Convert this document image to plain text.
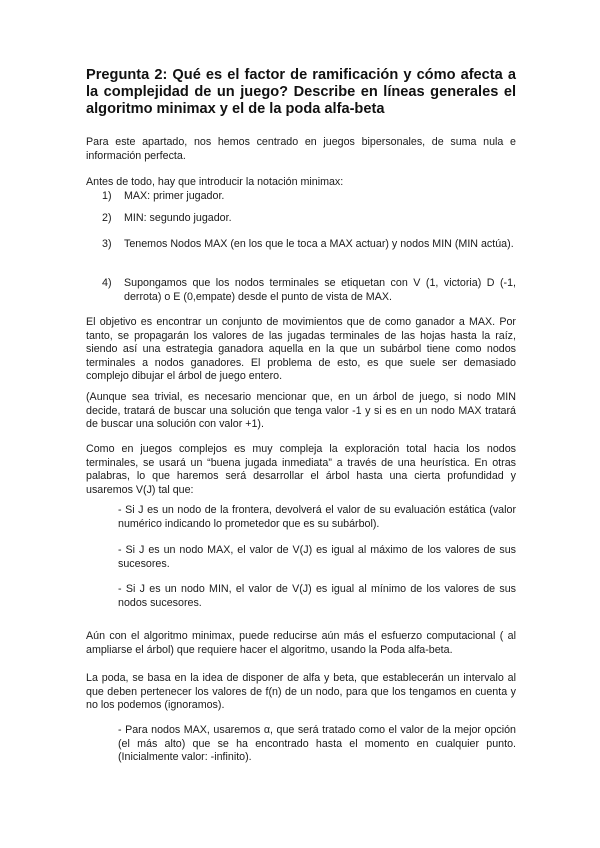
Pregunta 2: Qué es el factor de ramificación y cómo afecta a la complejidad de un juego? Describe en líneas generales el algoritmo minimax y el de la poda alfa-beta

Para este apartado, nos hemos centrado en juegos bipersonales, de suma nula e información perfecta.

Antes de todo, hay que introducir la notación minimax:

1)	MAX: primer jugador.
2)	MIN: segundo jugador.
3)	Tenemos Nodos MAX (en los que le toca a MAX actuar) y nodos MIN (MIN actúa).
4)	Supongamos que los nodos terminales se etiquetan con V (1, victoria) D (-1, derrota) o E (0,empate) desde el punto de vista de MAX.

El objetivo es encontrar un conjunto de movimientos que de como ganador a MAX. Por tanto, se propagarán los valores de las jugadas terminales de las hojas hasta la raíz, siendo así una estrategia ganadora aquella en la que un subárbol tiene como nodos terminales a nodos ganadores. El problema de esto, es que suele ser demasiado complejo dibujar el árbol de juego entero.

(Aunque sea trivial, es necesario mencionar que, en un árbol de juego, si nodo MIN decide, tratará de buscar una solución que tenga valor -1 y si es en un nodo MAX tratará de buscar una solución con valor +1).

Como en juegos complejos es muy compleja la exploración total hacia los nodos terminales, se usará un “buena jugada inmediata” a través de una heurística. En otras palabras, lo que haremos será desarrollar el árbol hasta una cierta profundidad y usaremos V(J) tal que:

- Si J es un nodo de la frontera, devolverá el valor de su evaluación estática (valor numérico indicando lo prometedor que es su subárbol).

- Si J es un nodo MAX, el valor de V(J) es igual al máximo de los valores de sus sucesores.

- Si J es un nodo MIN, el valor de V(J) es igual al mínimo de los valores de sus nodos sucesores.

Aún con el algoritmo minimax, puede reducirse aún más el esfuerzo computacional ( al ampliarse el árbol) que requiere hacer el algoritmo, usando la Poda alfa-beta.

La poda, se basa en la idea de disponer de alfa y beta, que establecerán un intervalo al que deben pertenecer los valores de f(n) de un nodo, para que los tengamos en cuenta y no los podemos (ignoramos).

- Para nodos MAX, usaremos α, que será tratado como el valor de la mejor opción (el más alto) que se ha encontrado hasta el momento en cualquier punto. (Inicialmente valor: -infinito).
